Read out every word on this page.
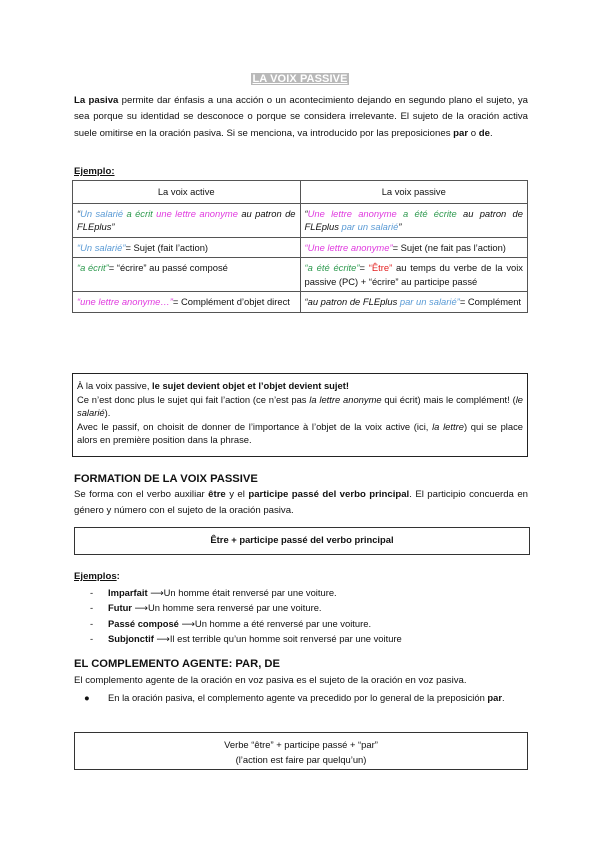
LA VOIX PASSIVE
La pasiva permite dar énfasis a una acción o un acontecimiento dejando en segundo plano el sujeto, ya sea porque su identidad se desconoce o porque se considera irrelevante. El sujeto de la oración activa suele omitirse en la oración pasiva. Si se menciona, va introducido por las preposiciones par o de.
Ejemplo:
La voix active	La voix passive
“Un salarié a écrit une lettre anonyme au patron de FLEplus”	“Une lettre anonyme a été écrite au patron de FLEplus par un salarié”
“Un salarié”= Sujet (fait l’action)	“Une lettre anonyme”= Sujet (ne fait pas l’action)
“a écrit”= “écrire” au passé composé	“a été écrite”= “Être” au temps du verbe de la voix passive (PC) + “écrire” au participe passé
“une lettre anonyme…”= Complément d’objet direct	“au patron de FLEplus par un salarié”= Complément
À la voix passive, le sujet devient objet et l’objet devient sujet!
Ce n’est donc plus le sujet qui fait l’action (ce n’est pas la lettre anonyme qui écrit) mais le complément! (le salarié).
Avec le passif, on choisit de donner de l’importance à l’objet de la voix active (ici, la lettre) qui se place alors en première position dans la phrase.
FORMATION DE LA VOIX PASSIVE
Se forma con el verbo auxiliar être y el participe passé del verbo principal. El participio concuerda en género y número con el sujeto de la oración pasiva.
Être + participe passé del verbo principal
Ejemplos:
- Imparfait ⟶Un homme était renversé par une voiture.
- Futur ⟶Un homme sera renversé par une voiture.
- Passé composé ⟶Un homme a été renversé par une voiture.
- Subjonctif ⟶Il est terrible qu’un homme soit renversé par une voiture
EL COMPLEMENTO AGENTE: PAR, DE
El complemento agente de la oración en voz pasiva es el sujeto de la oración en voz pasiva.
● En la oración pasiva, el complemento agente va precedido por lo general de la preposición par.
Verbe “être” + participe passé + “par”
(l’action est faire par quelqu’un)
